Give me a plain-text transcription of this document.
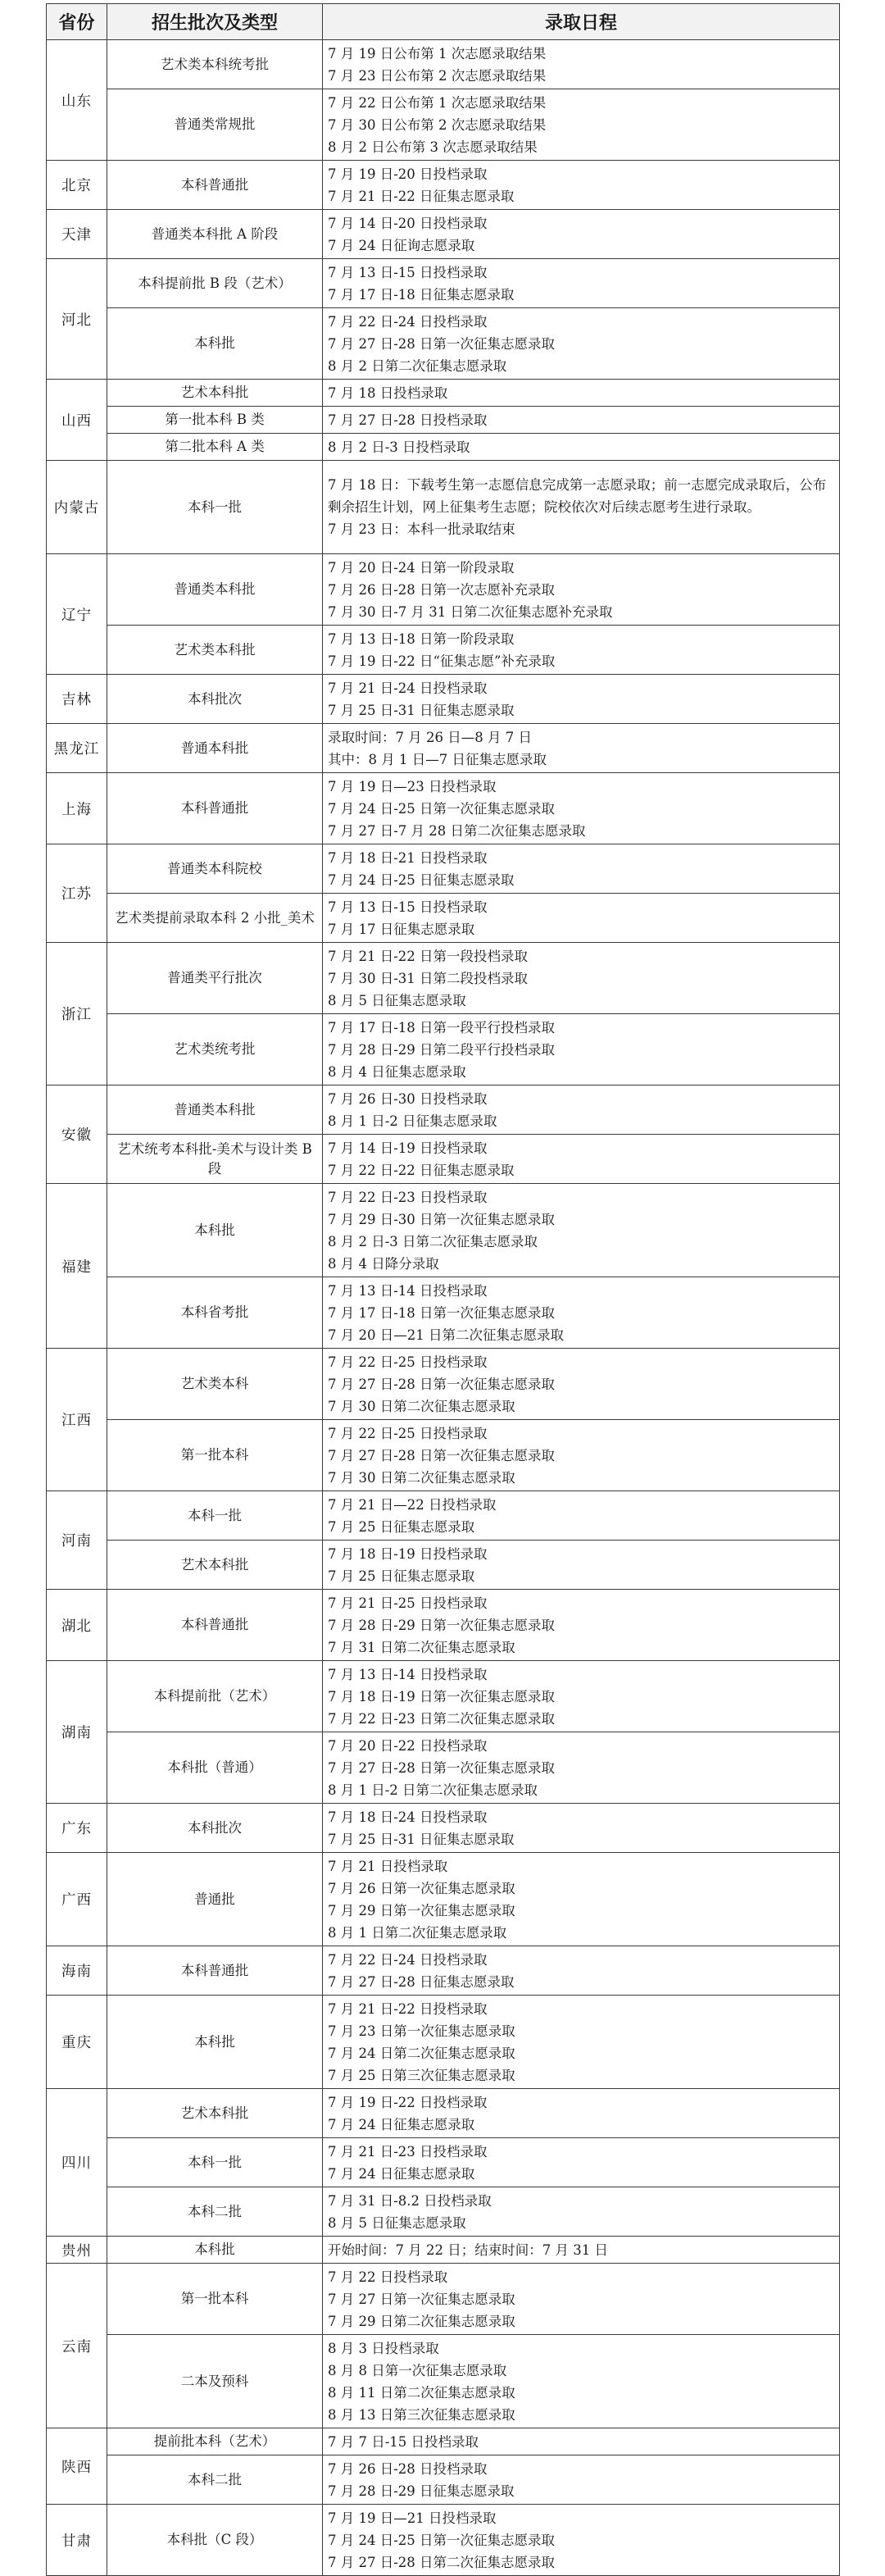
省份	招生批次及类型	录取日程
山东	艺术类本科统考批	7 月 19 日公布第 1 次志愿录取结果
7 月 23 日公布第 2 次志愿录取结果

	普通类常规批	7 月 22 日公布第 1 次志愿录取结果
7 月 30 日公布第 2 次志愿录取结果
8 月 2 日公布第 3 次志愿录取结果

北京	本科普通批	7 月 19 日-20 日投档录取
7 月 21 日-22 日征集志愿录取

天津	普通类本科批 A 阶段	7 月 14 日-20 日投档录取
7 月 24 日征询志愿录取

河北	本科提前批 B 段（艺术）	7 月 13 日-15 日投档录取
7 月 17 日-18 日征集志愿录取

	本科批	7 月 22 日-24 日投档录取
7 月 27 日-28 日第一次征集志愿录取
8 月 2 日第二次征集志愿录取

山西	艺术本科批	7 月 18 日投档录取

	第一批本科 B 类	7 月 27 日-28 日投档录取

	第二批本科 A 类	8 月 2 日-3 日投档录取

内蒙古	本科一批	7 月 18 日：下载考生第一志愿信息完成第一志愿录取；前一志愿完成录取后，公布剩余招生计划，网上征集考生志愿；院校依次对后续志愿考生进行录取。
7 月 23 日：本科一批录取结束

辽宁	普通类本科批	7 月 20 日-24 日第一阶段录取
7 月 26 日-28 日第一次志愿补充录取
7 月 30 日-7 月 31 日第二次征集志愿补充录取

	艺术类本科批	7 月 13 日-18 日第一阶段录取
7 月 19 日-22 日“征集志愿”补充录取

吉林	本科批次	7 月 21 日-24 日投档录取
7 月 25 日-31 日征集志愿录取

黑龙江	普通本科批	录取时间：7 月 26 日—8 月 7 日
其中：8 月 1 日—7 日征集志愿录取

上海	本科普通批	7 月 19 日—23 日投档录取
7 月 24 日-25 日第一次征集志愿录取
7 月 27 日-7 月 28 日第二次征集志愿录取

江苏	普通类本科院校	7 月 18 日-21 日投档录取
7 月 24 日-25 日征集志愿录取

	艺术类提前录取本科 2 小批_美术	7 月 13 日-15 日投档录取
7 月 17 日征集志愿录取

浙江	普通类平行批次	7 月 21 日-22 日第一段投档录取
7 月 30 日-31 日第二段投档录取
8 月 5 日征集志愿录取

	艺术类统考批	7 月 17 日-18 日第一段平行投档录取
7 月 28 日-29 日第二段平行投档录取
8 月 4 日征集志愿录取

安徽	普通类本科批	7 月 26 日-30 日投档录取
8 月 1 日-2 日征集志愿录取

	艺术统考本科批-美术与设计类 B 段	7 月 14 日-19 日投档录取
7 月 22 日-22 日征集志愿录取

福建	本科批	7 月 22 日-23 日投档录取
7 月 29 日-30 日第一次征集志愿录取
8 月 2 日-3 日第二次征集志愿录取
8 月 4 日降分录取

	本科省考批	7 月 13 日-14 日投档录取
7 月 17 日-18 日第一次征集志愿录取
7 月 20 日—21 日第二次征集志愿录取

江西	艺术类本科	7 月 22 日-25 日投档录取
7 月 27 日-28 日第一次征集志愿录取
7 月 30 日第二次征集志愿录取

	第一批本科	7 月 22 日-25 日投档录取
7 月 27 日-28 日第一次征集志愿录取
7 月 30 日第二次征集志愿录取

河南	本科一批	7 月 21 日—22 日投档录取
7 月 25 日征集志愿录取

	艺术本科批	7 月 18 日-19 日投档录取
7 月 25 日征集志愿录取

湖北	本科普通批	7 月 21 日-25 日投档录取
7 月 28 日-29 日第一次征集志愿录取
7 月 31 日第二次征集志愿录取

湖南	本科提前批（艺术）	7 月 13 日-14 日投档录取
7 月 18 日-19 日第一次征集志愿录取
7 月 22 日-23 日第二次征集志愿录取

	本科批（普通）	7 月 20 日-22 日投档录取
7 月 27 日-28 日第一次征集志愿录取
8 月 1 日-2 日第二次征集志愿录取

广东	本科批次	7 月 18 日-24 日投档录取
7 月 25 日-31 日征集志愿录取

广西	普通批	7 月 21 日投档录取
7 月 26 日第一次征集志愿录取
7 月 29 日第一次征集志愿录取
8 月 1 日第二次征集志愿录取

海南	本科普通批	7 月 22 日-24 日投档录取
7 月 27 日-28 日征集志愿录取

重庆	本科批	7 月 21 日-22 日投档录取
7 月 23 日第一次征集志愿录取
7 月 24 日第二次征集志愿录取
7 月 25 日第三次征集志愿录取

四川	艺术本科批	7 月 19 日-22 日投档录取
7 月 24 日征集志愿录取

	本科一批	7 月 21 日-23 日投档录取
7 月 24 日征集志愿录取

	本科二批	7 月 31 日-8.2 日投档录取
8 月 5 日征集志愿录取

贵州	本科批	开始时间：7 月 22 日；结束时间：7 月 31 日

云南	第一批本科	7 月 22 日投档录取
7 月 27 日第一次征集志愿录取
7 月 29 日第二次征集志愿录取

	二本及预科	8 月 3 日投档录取
8 月 8 日第一次征集志愿录取
8 月 11 日第二次征集志愿录取
8 月 13 日第三次征集志愿录取

陕西	提前批本科（艺术）	7 月 7 日-15 日投档录取

	本科二批	7 月 26 日-28 日投档录取
7 月 28 日-29 日征集志愿录取

甘肃	本科批（C 段）	7 月 19 日—21 日投档录取
7 月 24 日-25 日第一次征集志愿录取
7 月 27 日-28 日第二次征集志愿录取
